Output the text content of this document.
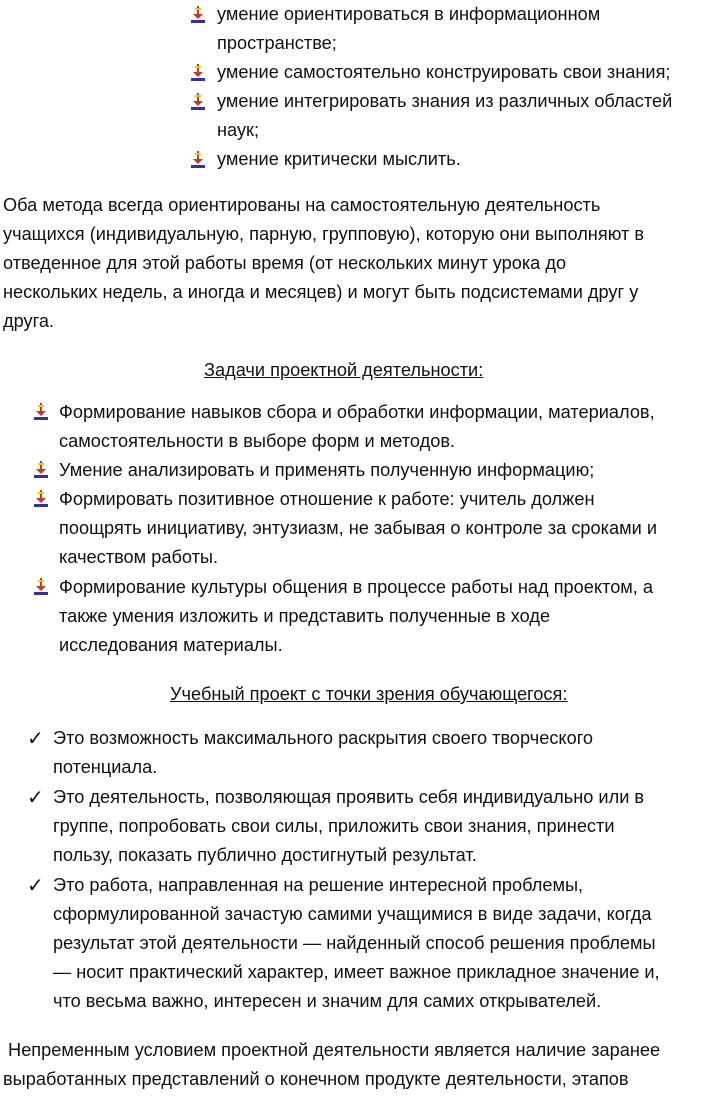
умение ориентироваться в информационном
пространстве;
умение самостоятельно конструировать свои знания;
умение интегрировать знания из различных областей
наук;
умение критически мыслить.
Оба метода всегда ориентированы на самостоятельную деятельность
учащихся (индивидуальную, парную, групповую), которую они выполняют в
отведенное для этой работы время (от нескольких минут урока до
нескольких недель, а иногда и месяцев) и могут быть подсистемами друг у
друга.
Задачи проектной деятельности:
Формирование навыков сбора и обработки информации, материалов,
самостоятельности в выборе форм и методов.
Умение анализировать и применять полученную информацию;
Формировать позитивное отношение к работе: учитель должен
поощрять инициативу, энтузиазм, не забывая о контроле за сроками и
качеством работы.
Формирование культуры общения в процессе работы над проектом, а
также умения изложить и представить полученные в ходе
исследования материалы.
Учебный проект с точки зрения обучающегося:
✓ Это возможность максимального раскрытия своего творческого
потенциала.
✓ Это деятельность, позволяющая проявить себя индивидуально или в
группе, попробовать свои силы, приложить свои знания, принести
пользу, показать публично достигнутый результат.
✓ Это работа, направленная на решение интересной проблемы,
сформулированной зачастую самими учащимися в виде задачи, когда
результат этой деятельности — найденный способ решения проблемы
— носит практический характер, имеет важное прикладное значение и,
что весьма важно, интересен и значим для самих открывателей.
Непременным условием проектной деятельности является наличие заранее
выработанных представлений о конечном продукте деятельности, этапов
